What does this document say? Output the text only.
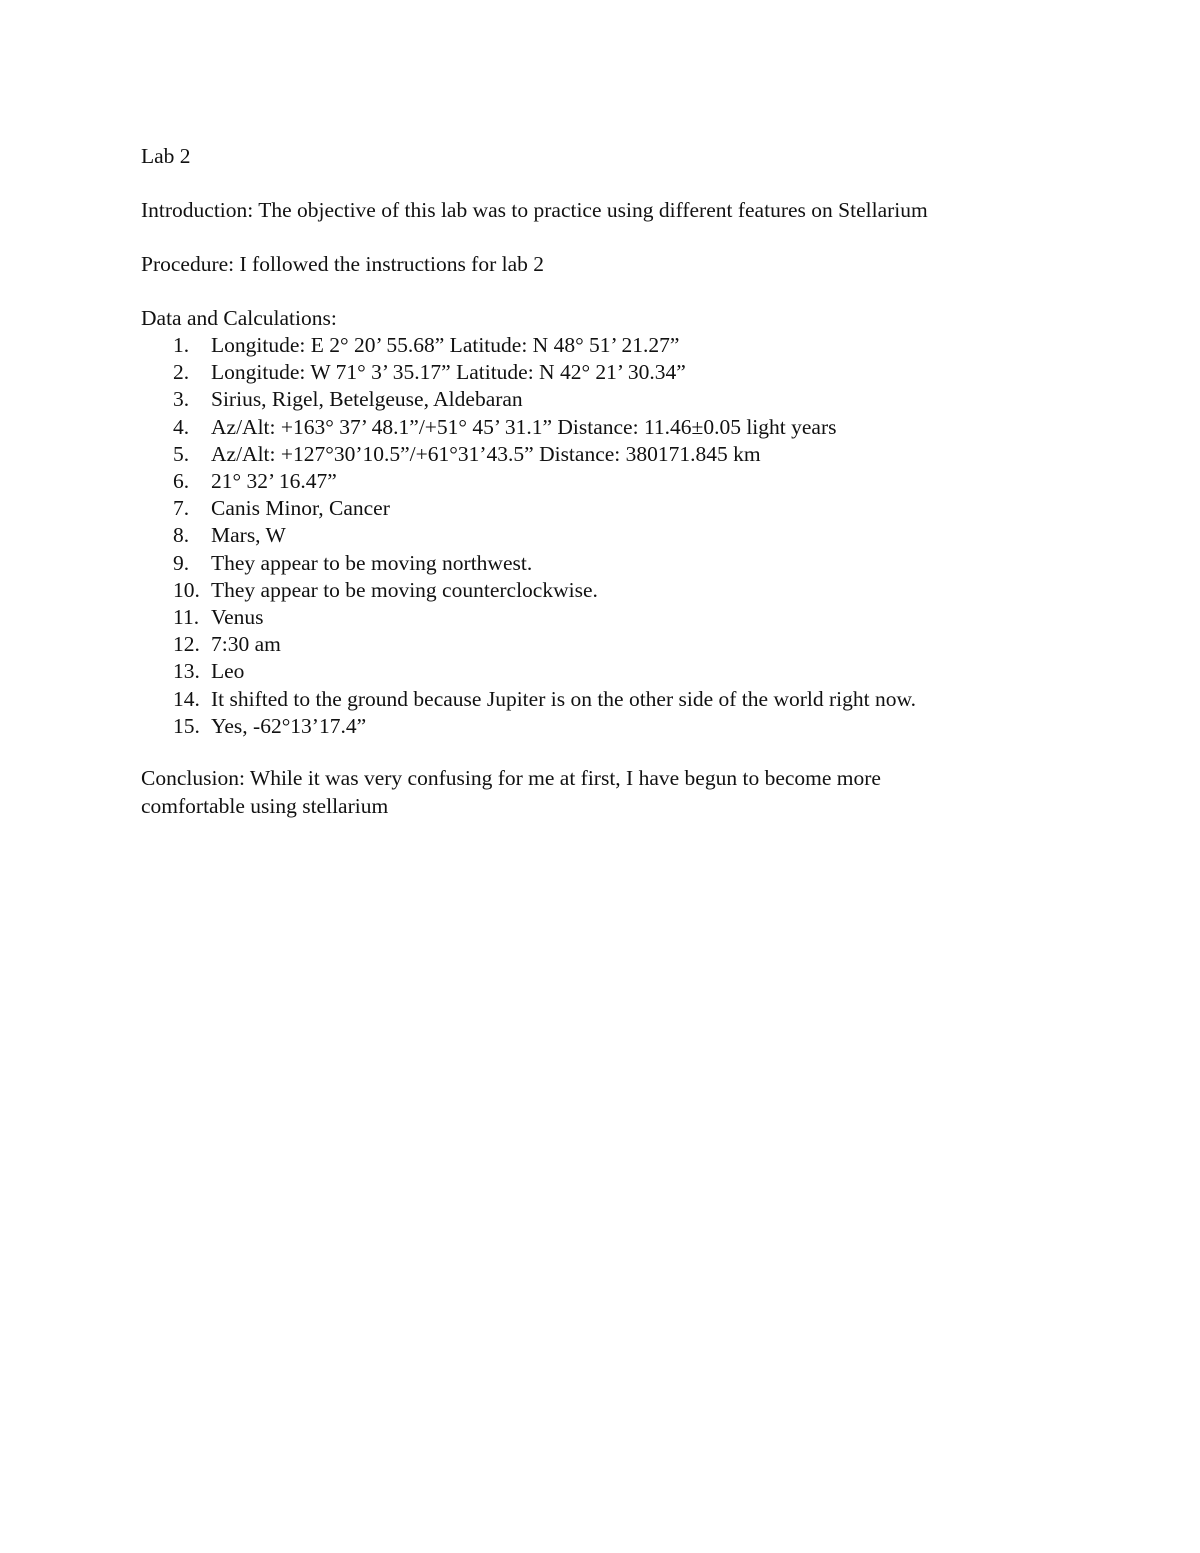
Lab 2
Introduction: The objective of this lab was to practice using different features on Stellarium
Procedure: I followed the instructions for lab 2
Data and Calculations:
1.	Longitude: E 2° 20’ 55.68” Latitude: N 48° 51’ 21.27”
2.	Longitude: W 71° 3’ 35.17” Latitude: N 42° 21’ 30.34”
3.	Sirius, Rigel, Betelgeuse, Aldebaran
4.	Az/Alt: +163° 37’ 48.1”/+51° 45’ 31.1” Distance: 11.46±0.05 light years
5.	Az/Alt: +127°30’10.5”/+61°31’43.5” Distance: 380171.845 km
6.	21° 32’ 16.47”
7.	Canis Minor, Cancer
8.	Mars, W
9.	They appear to be moving northwest.
10. They appear to be moving counterclockwise.
11. Venus
12. 7:30 am
13. Leo
14. It shifted to the ground because Jupiter is on the other side of the world right now.
15. Yes, -62°13’17.4”
Conclusion: While it was very confusing for me at first, I have begun to become more comfortable using stellarium
